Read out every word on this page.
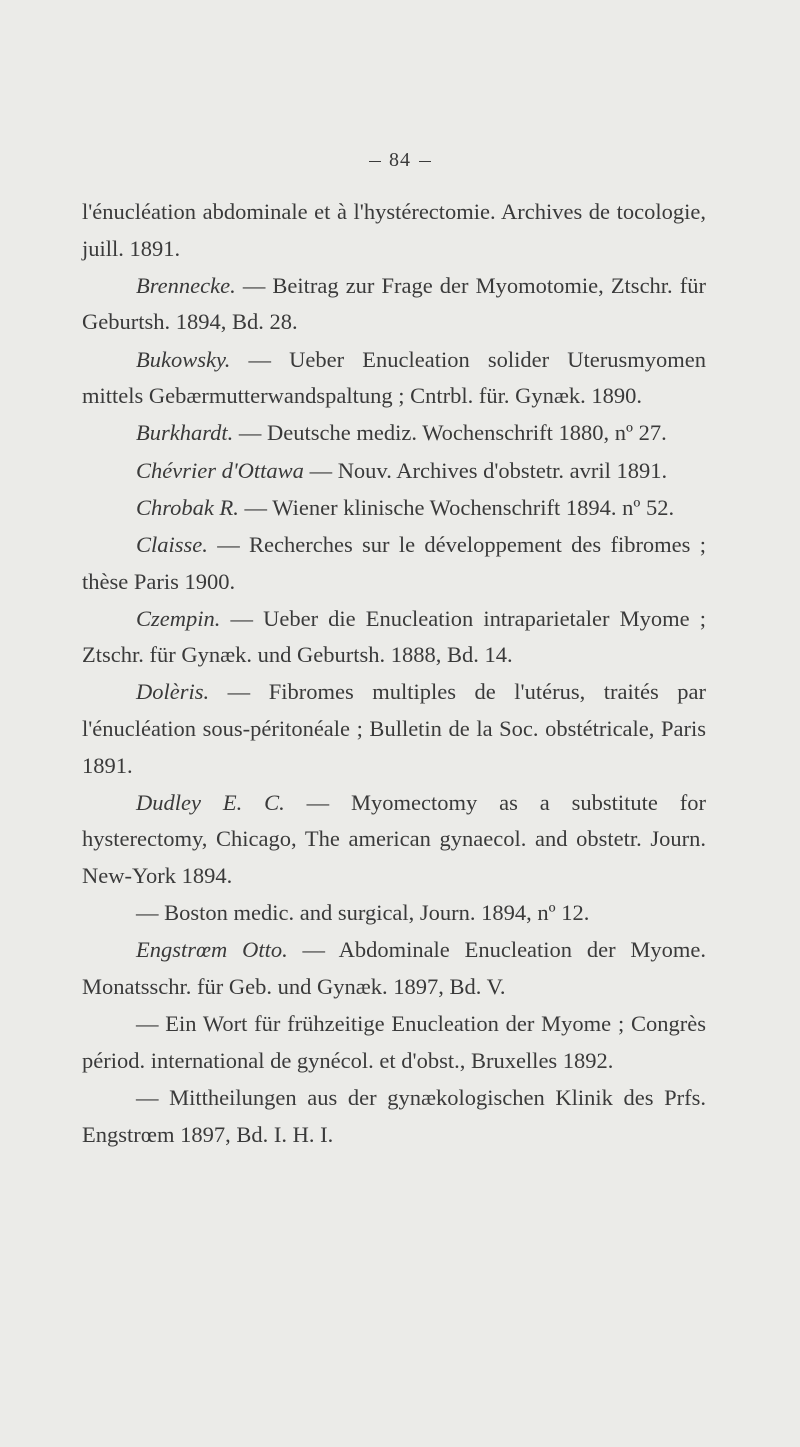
84

l'énucléation abdominale et à l'hystérectomie. Archives de tocologie, juill. 1891.

Brennecke. — Beitrag zur Frage der Myomotomie, Ztschr. für Geburtsh. 1894, Bd. 28.

Bukowsky. — Ueber Enucleation solider Uterusmyomen mittels Gebærmutterwandspaltung ; Cntrbl. für. Gynæk. 1890.

Burkhardt. — Deutsche mediz. Wochenschrift 1880, nº 27.

Chévrier d'Ottawa — Nouv. Archives d'obstetr. avril 1891.

Chrobak R. — Wiener klinische Wochenschrift 1894. nº 52.

Claisse. — Recherches sur le développement des fibromes ; thèse Paris 1900.

Czempin. — Ueber die Enucleation intraparietaler Myome ; Ztschr. für Gynæk. und Geburtsh. 1888, Bd. 14.

Dolèris. — Fibromes multiples de l'utérus, traités par l'énucléation sous-péritonéale ; Bulletin de la Soc. obstétricale, Paris 1891.

Dudley E. C. — Myomectomy as a substitute for hysterectomy, Chicago, The american gynaecol. and obstetr. Journ. New-York 1894.

— Boston medic. and surgical, Journ. 1894, nº 12.

Engstrœm Otto. — Abdominale Enucleation der Myome. Monatsschr. für Geb. und Gynæk. 1897, Bd. V.

— Ein Wort für frühzeitige Enucleation der Myome ; Congrès périod. international de gynécol. et d'obst., Bruxelles 1892.

— Mittheilungen aus der gynækologischen Klinik des Prfs. Engstrœm 1897, Bd. I. H. I.
